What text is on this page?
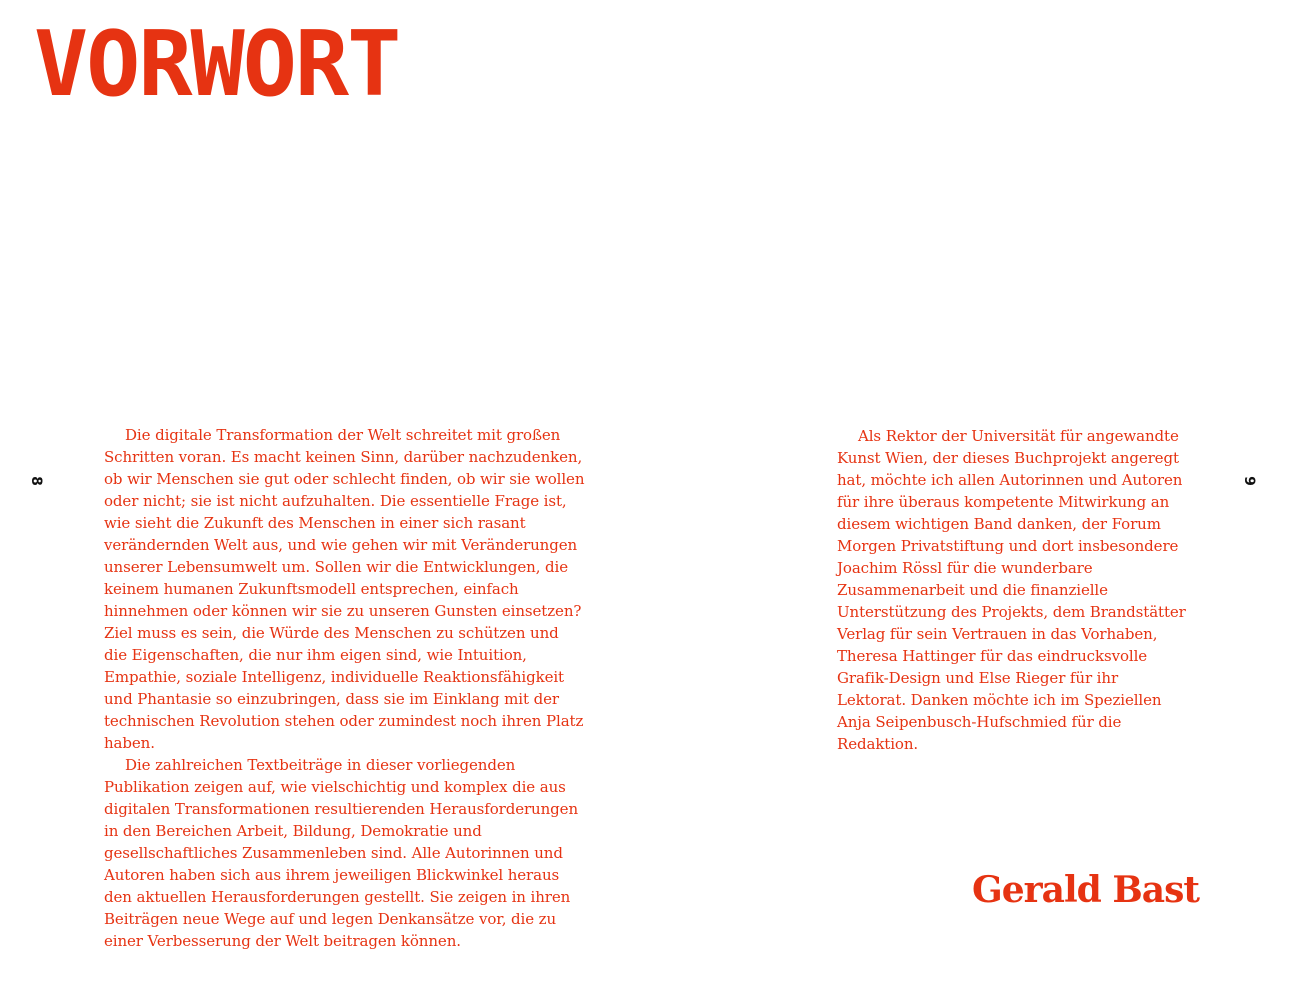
VORWORT
8	9

Die digitale Transformation der Welt schreitet mit großen Schritten voran. Es macht keinen Sinn, darüber nachzudenken, ob wir Menschen sie gut oder schlecht finden, ob wir sie wollen oder nicht; sie ist nicht aufzuhalten. Die essentielle Frage ist, wie sieht die Zukunft des Menschen in einer sich rasant verändernden Welt aus, und wie gehen wir mit Veränderungen unserer Lebensumwelt um. Sollen wir die Entwicklungen, die keinem humanen Zukunftsmodell entsprechen, einfach hinnehmen oder können wir sie zu unseren Gunsten einsetzen? Ziel muss es sein, die Würde des Menschen zu schützen und die Eigenschaften, die nur ihm eigen sind, wie Intuition, Empathie, soziale Intelligenz, individuelle Reaktionsfähigkeit und Phantasie so einzubringen, dass sie im Einklang mit der technischen Revolution stehen oder zumindest noch ihren Platz haben.

Die zahlreichen Textbeiträge in dieser vorliegenden Publikation zeigen auf, wie vielschichtig und komplex die aus digitalen Transformationen resultierenden Herausforderungen in den Bereichen Arbeit, Bildung, Demokratie und gesellschaftliches Zusammenleben sind. Alle Autorinnen und Autoren haben sich aus ihrem jeweiligen Blickwinkel heraus den aktuellen Herausforderungen gestellt. Sie zeigen in ihren Beiträgen neue Wege auf und legen Denkansätze vor, die zu einer Verbesserung der Welt beitragen können.

Als Rektor der Universität für angewandte Kunst Wien, der dieses Buchprojekt angeregt hat, möchte ich allen Autorinnen und Autoren für ihre überaus kompetente Mitwirkung an diesem wichtigen Band danken, der Forum Morgen Privatstiftung und dort insbesondere Joachim Rössl für die wunderbare Zusammenarbeit und die finanzielle Unterstützung des Projekts, dem Brandstätter Verlag für sein Vertrauen in das Vorhaben, Theresa Hattinger für das eindrucksvolle Grafik-Design und Else Rieger für ihr Lektorat. Danken möchte ich im Speziellen Anja Seipenbusch-Hufschmied für die Redaktion.

Gerald Bast
